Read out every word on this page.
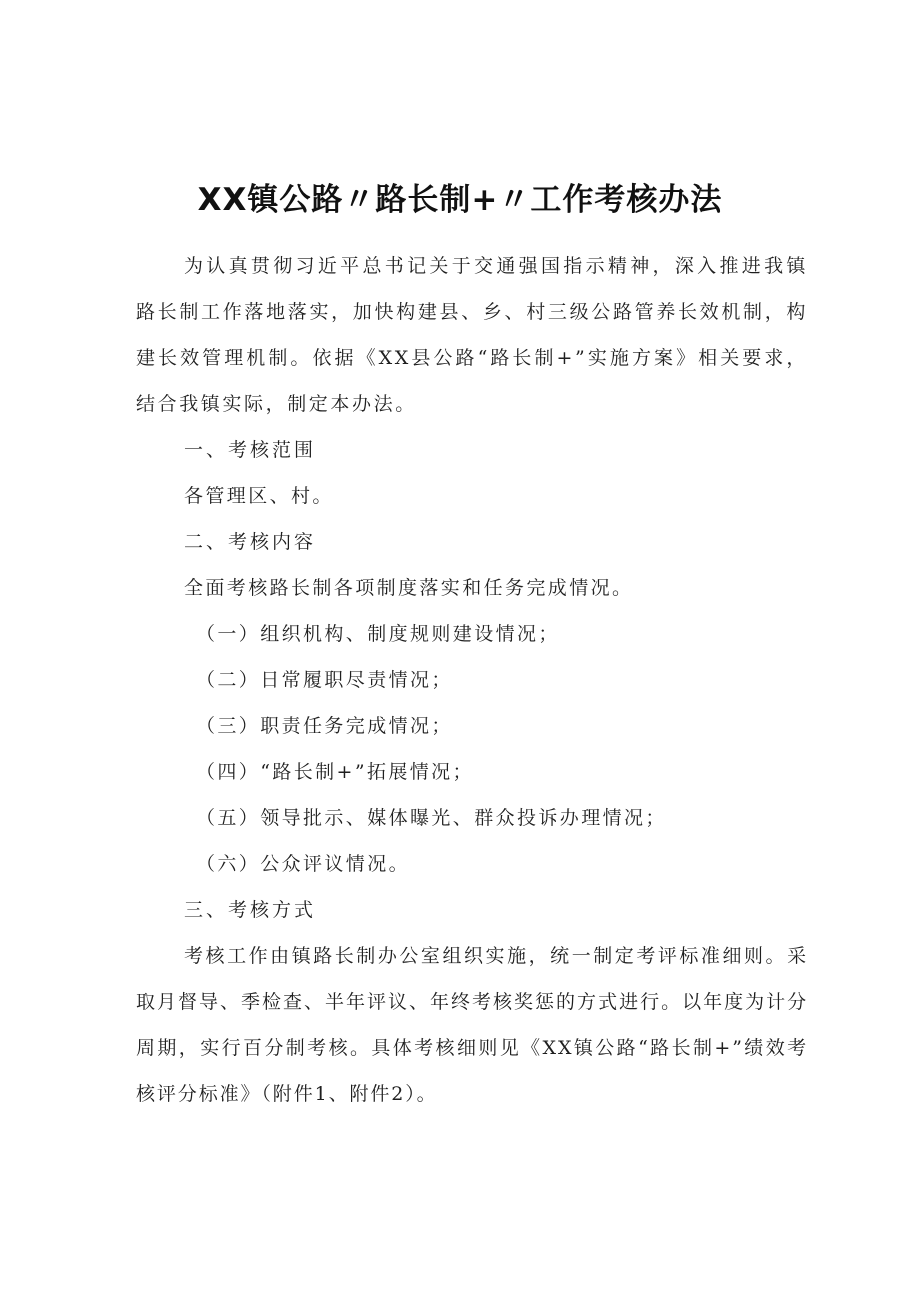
XX镇公路〃路长制+〃工作考核办法

为认真贯彻习近平总书记关于交通强国指示精神，深入推进我镇路长制工作落地落实，加快构建县、乡、村三级公路管养长效机制，构建长效管理机制。依据《XX县公路“路长制+”实施方案》相关要求，结合我镇实际，制定本办法。

一、考核范围

各管理区、村。

二、考核内容

全面考核路长制各项制度落实和任务完成情况。

（一）组织机构、制度规则建设情况；

（二）日常履职尽责情况；

（三）职责任务完成情况；

（四）“路长制+”拓展情况；

（五）领导批示、媒体曝光、群众投诉办理情况；

（六）公众评议情况。

三、考核方式

考核工作由镇路长制办公室组织实施，统一制定考评标准细则。采取月督导、季检查、半年评议、年终考核奖惩的方式进行。以年度为计分周期，实行百分制考核。具体考核细则见《XX镇公路“路长制+”绩效考核评分标准》（附件1、附件2）。
